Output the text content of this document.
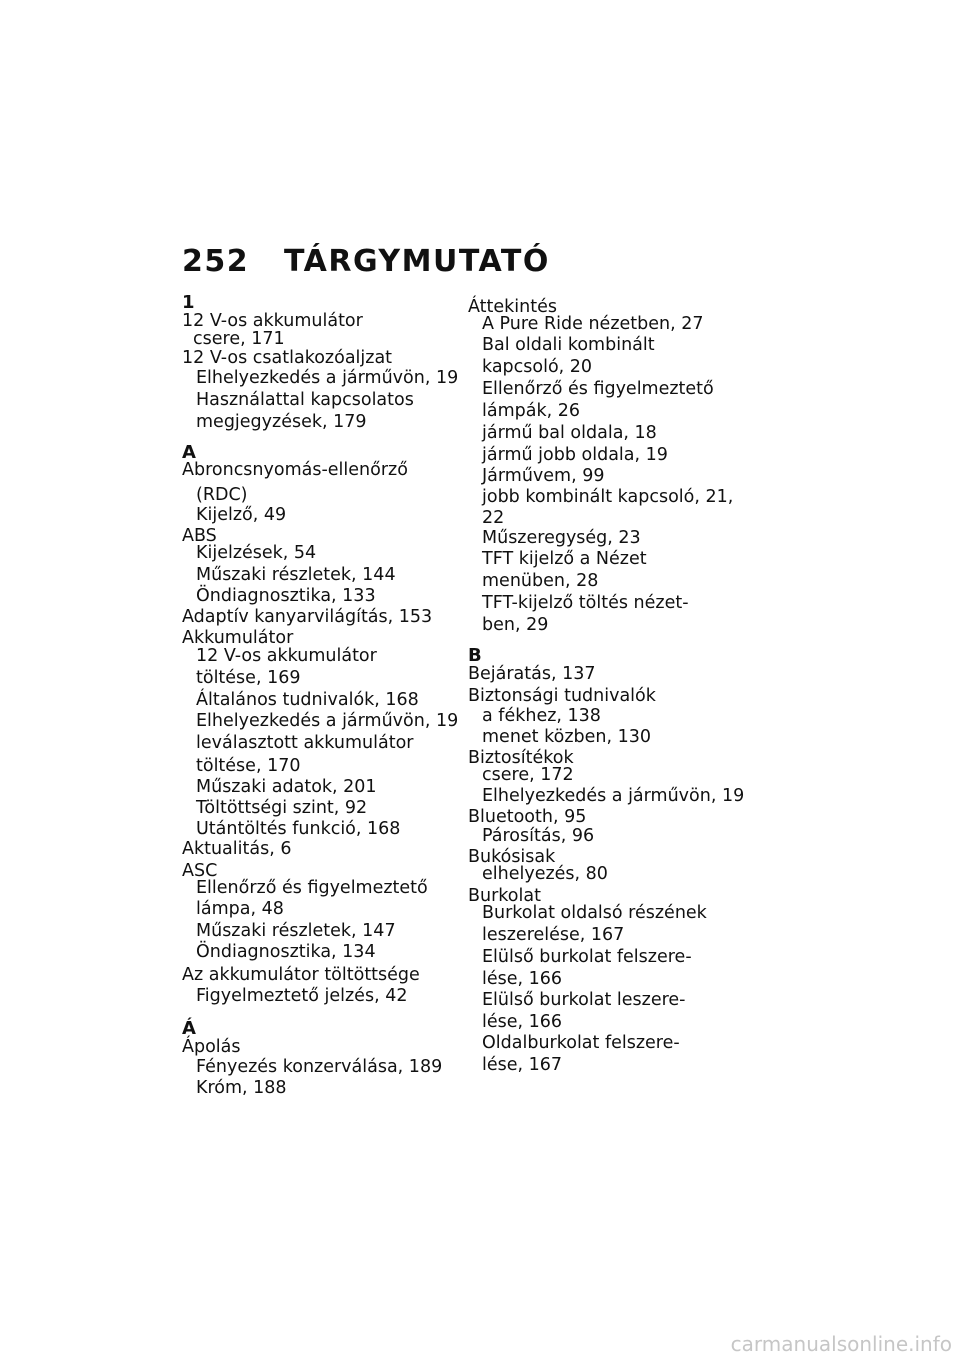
252 TÁRGYMUTATÓ
1
12 V-os akkumulátor
csere, 171
12 V-os csatlakozóaljzat
Elhelyezkedés a járművön, 19
Használattal kapcsolatos
megjegyzések, 179
A
Abroncsnyomás-ellenőrző
(RDC)
Kijelző, 49
ABS
Kijelzések, 54
Műszaki részletek, 144
Öndiagnosztika, 133
Adaptív kanyarvilágítás, 153
Akkumulátor
12 V-os akkumulátor
töltése, 169
Általános tudnivalók, 168
Elhelyezkedés a járművön, 19
leválasztott akkumulátor
töltése, 170
Műszaki adatok, 201
Töltöttségi szint, 92
Utántöltés funkció, 168
Aktualitás, 6
ASC
Ellenőrző és figyelmeztető
lámpa, 48
Műszaki részletek, 147
Öndiagnosztika, 134
Az akkumulátor töltöttsége
Figyelmeztető jelzés, 42
Á
Ápolás
Fényezés konzerválása, 189
Króm, 188
Áttekintés
A Pure Ride nézetben, 27
Bal oldali kombinált
kapcsoló, 20
Ellenőrző és figyelmeztető
lámpák, 26
jármű bal oldala, 18
jármű jobb oldala, 19
Járművem, 99
jobb kombinált kapcsoló, 21,
22
Műszeregység, 23
TFT kijelző a Nézet
menüben, 28
TFT-kijelző töltés nézet-
ben, 29
B
Bejáratás, 137
Biztonsági tudnivalók
a fékhez, 138
menet közben, 130
Biztosítékok
csere, 172
Elhelyezkedés a járművön, 19
Bluetooth, 95
Párosítás, 96
Bukósisak
elhelyezés, 80
Burkolat
Burkolat oldalsó részének
leszerelése, 167
Elülső burkolat felszere-
lése, 166
Elülső burkolat leszere-
lése, 166
Oldalburkolat felszere-
lése, 167
carmanualsonline.info
